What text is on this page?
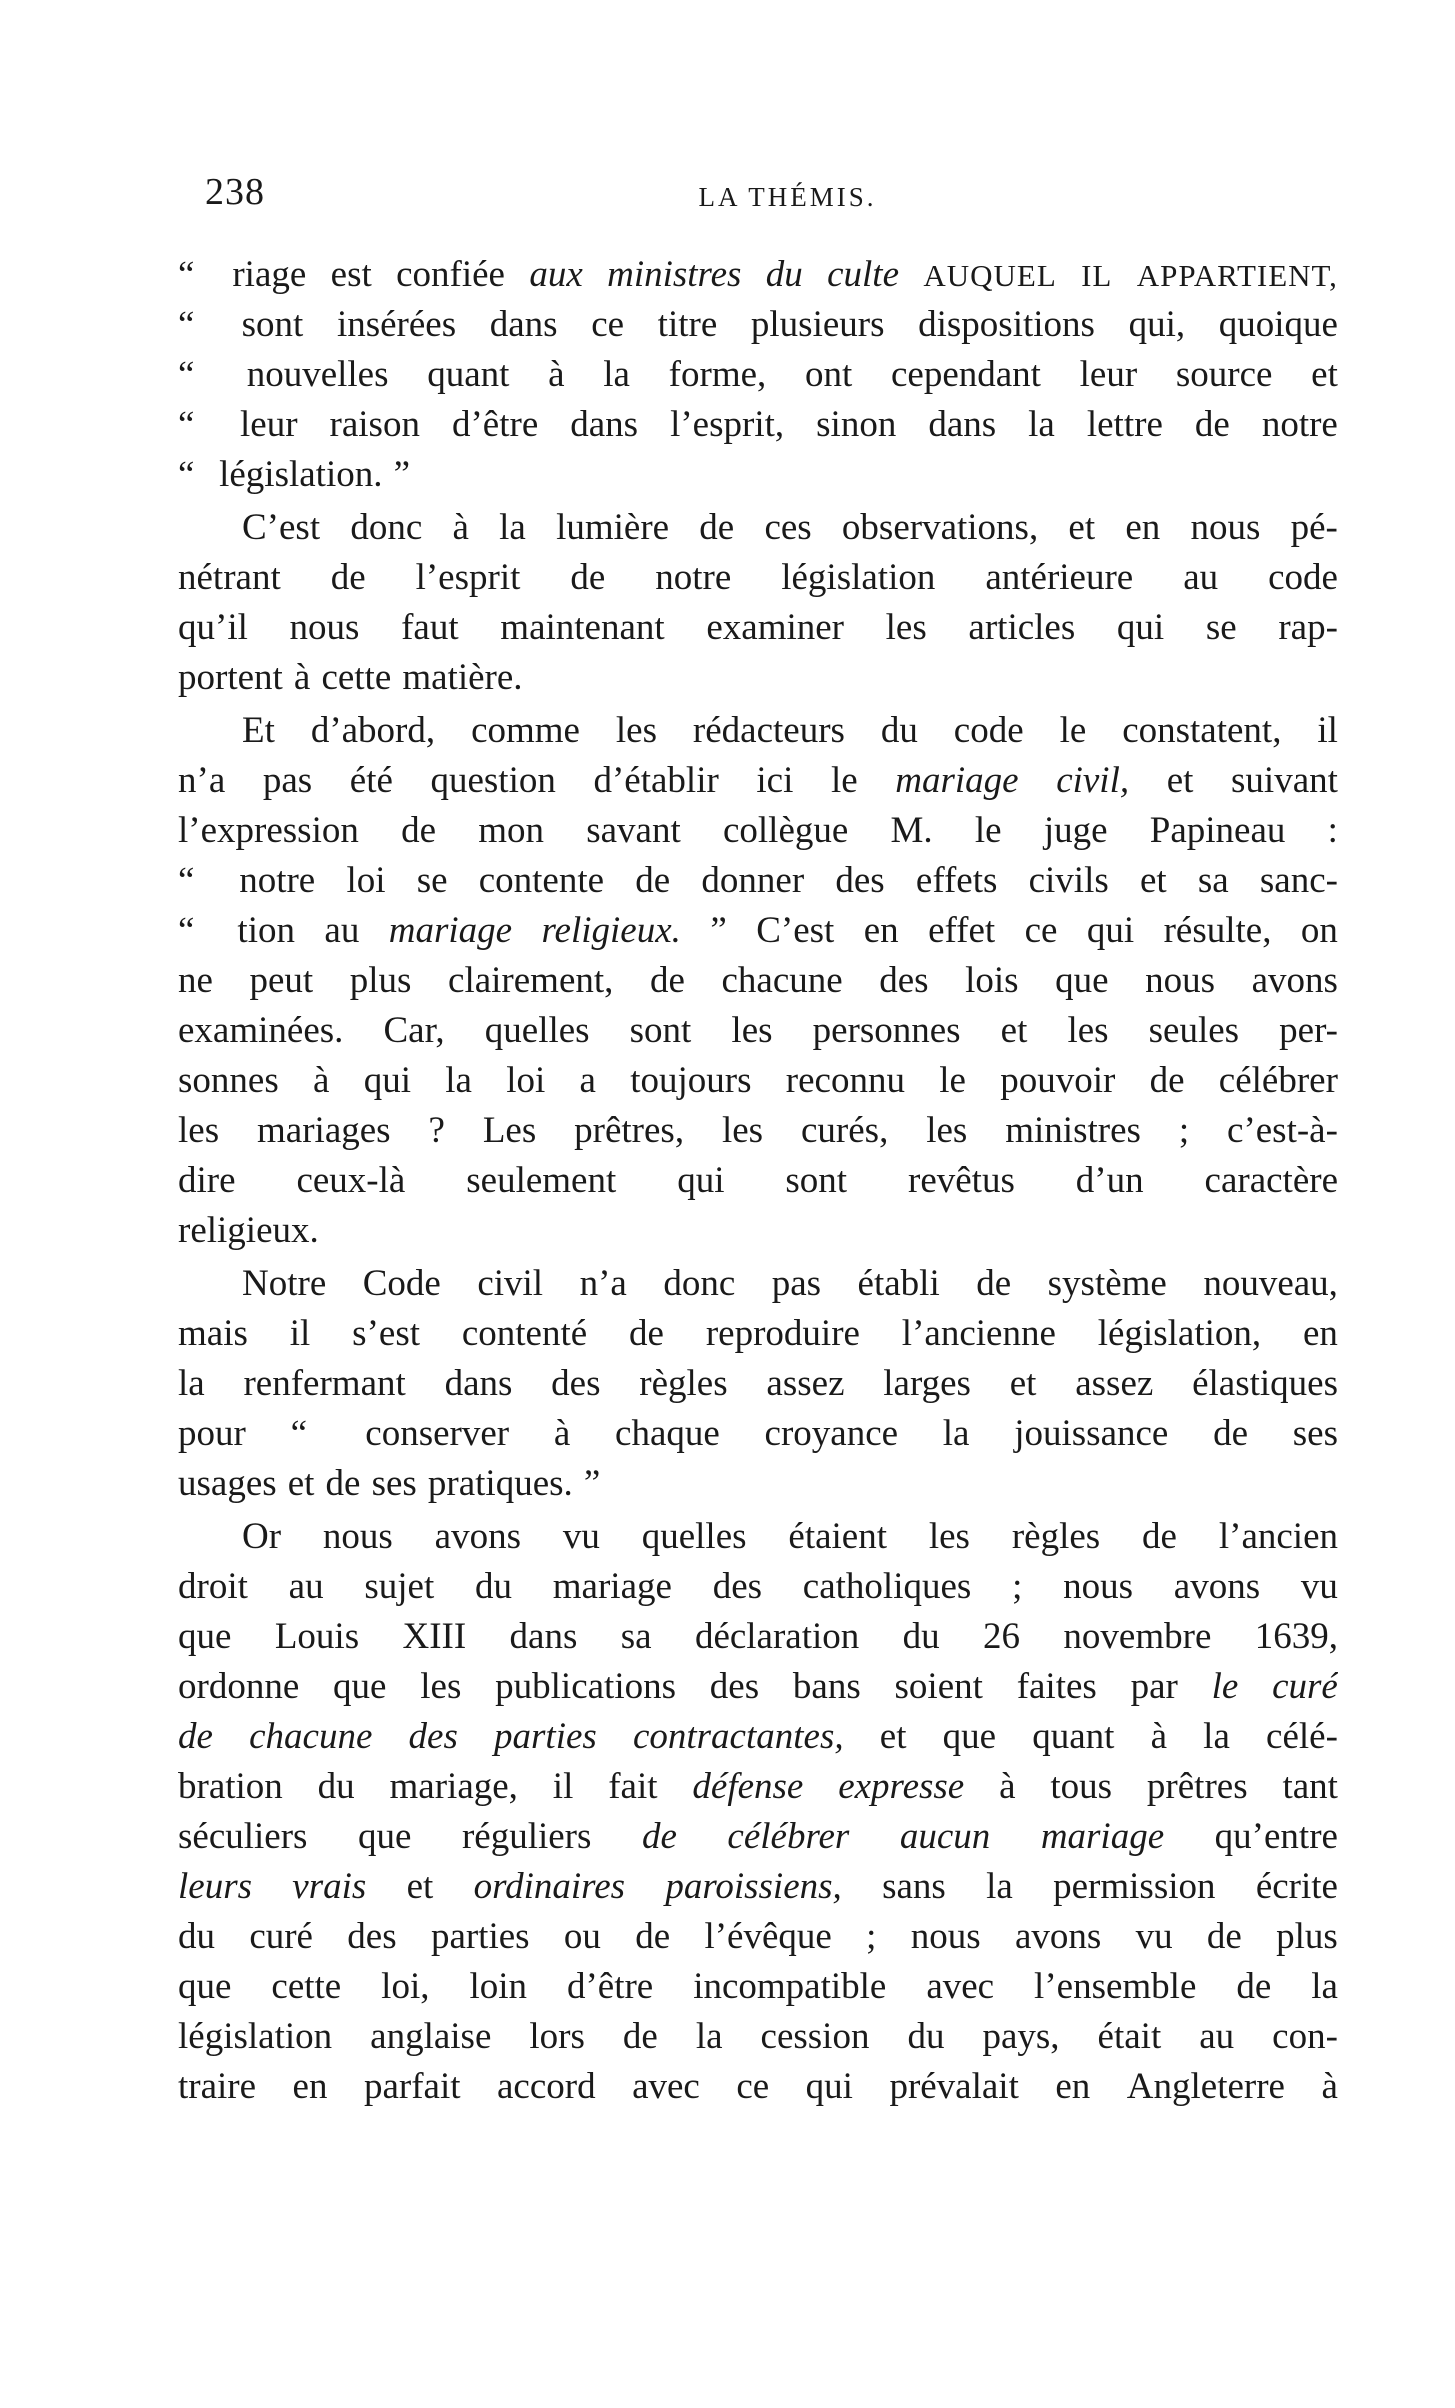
238	LA THÉMIS.
“	riage est confiée aux ministres du culte AUQUEL IL APPARTIENT,
“	sont insérées dans ce titre plusieurs dispositions qui, quoique
“	nouvelles quant à la forme, ont cependant leur source et
“	leur raison d’être dans l’esprit, sinon dans la lettre de notre
“ législation. ”
C’est donc à la lumière de ces observations, et en nous pé-
nétrant de l’esprit de notre législation antérieure au code
qu’il nous faut maintenant examiner les articles qui se rap-
portent à cette matière.
Et d’abord, comme les rédacteurs du code le constatent, il
n’a pas été question d’établir ici le mariage civil, et suivant
l’expression de mon savant collègue M. le juge Papineau :
“	notre loi se contente de donner des effets civils et sa sanc-
“	tion au mariage religieux. ” C’est en effet ce qui résulte, on
ne peut plus clairement, de chacune des lois que nous avons
examinées. Car, quelles sont les personnes et les seules per-
sonnes à qui la loi a toujours reconnu le pouvoir de célébrer
les mariages ? Les prêtres, les curés, les ministres ; c’est-à-
dire ceux-là seulement qui sont revêtus d’un caractère
religieux.
Notre Code civil n’a donc pas établi de système nouveau,
mais il s’est contenté de reproduire l’ancienne législation, en
la renfermant dans des règles assez larges et assez élastiques
pour “	conserver à chaque croyance la jouissance de ses
usages et de ses pratiques. ”
Or nous avons vu quelles étaient les règles de l’ancien
droit au sujet du mariage des catholiques ; nous avons vu
que Louis XIII dans sa déclaration du 26 novembre 1639,
ordonne que les publications des bans soient faites par le curé
de chacune des parties contractantes, et que quant à la célé-
bration du mariage, il fait défense expresse à tous prêtres tant
séculiers que réguliers de célébrer aucun mariage qu’entre
leurs vrais et ordinaires paroissiens, sans la permission écrite
du curé des parties ou de l’évêque ; nous avons vu de plus
que cette loi, loin d’être incompatible avec l’ensemble de la
législation anglaise lors de la cession du pays, était au con-
traire en parfait accord avec ce qui prévalait en Angleterre à
